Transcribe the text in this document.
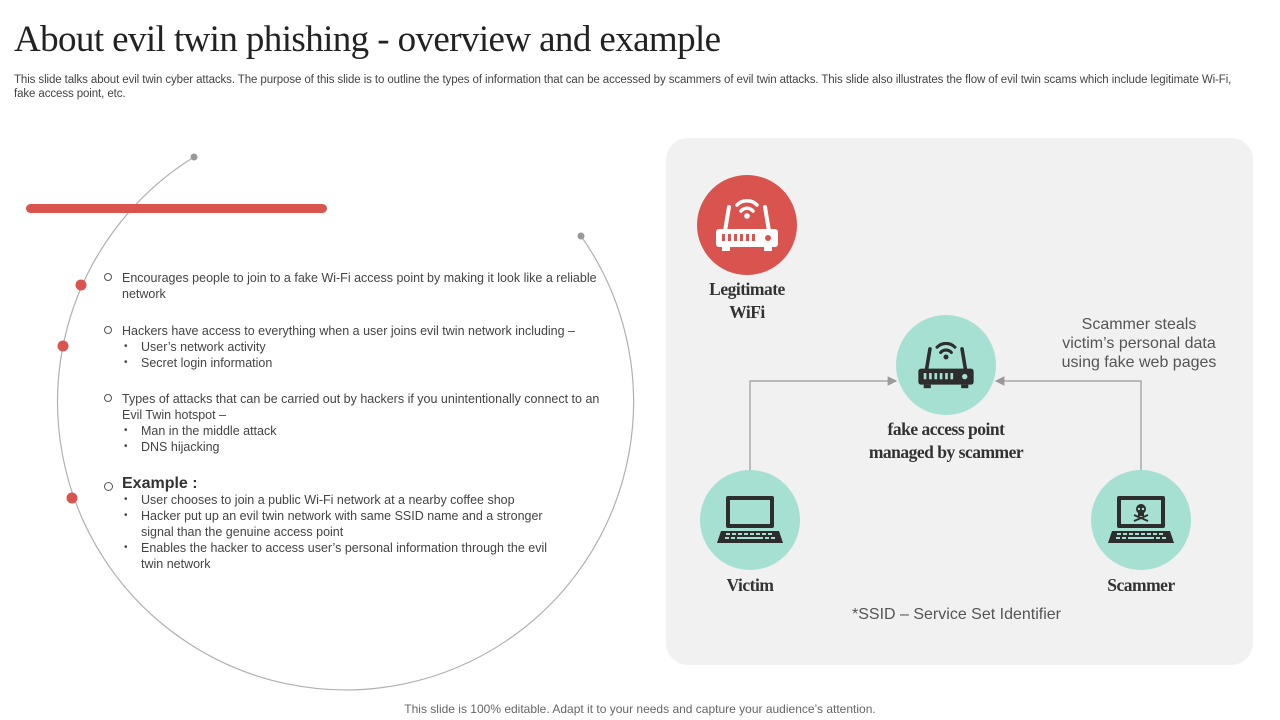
About evil twin phishing - overview and example

This slide talks about evil twin cyber attacks. The purpose of this slide is to outline the types of information that can be accessed by scammers of evil twin attacks. This slide also illustrates the flow of evil twin scams which include legitimate Wi-Fi, fake access point, etc.

Encourages people to join to a fake Wi-Fi access point by making it look like a reliable network
Hackers have access to everything when a user joins evil twin network including –
• User’s network activity
• Secret login information
Types of attacks that can be carried out by hackers if you unintentionally connect to an Evil Twin hotspot –
• Man in the middle attack
• DNS hijacking
Example :
• User chooses to join a public Wi-Fi network at a nearby coffee shop
• Hacker put up an evil twin network with same SSID name and a stronger signal than the genuine access point
• Enables the hacker to access user’s personal information through the evil twin network
Legitimate
WiFi
fake access point
managed by scammer
Scammer steals victim’s personal data using fake web pages
Victim	Scammer
*SSID – Service Set Identifier
This slide is 100% editable. Adapt it to your needs and capture your audience’s attention.
